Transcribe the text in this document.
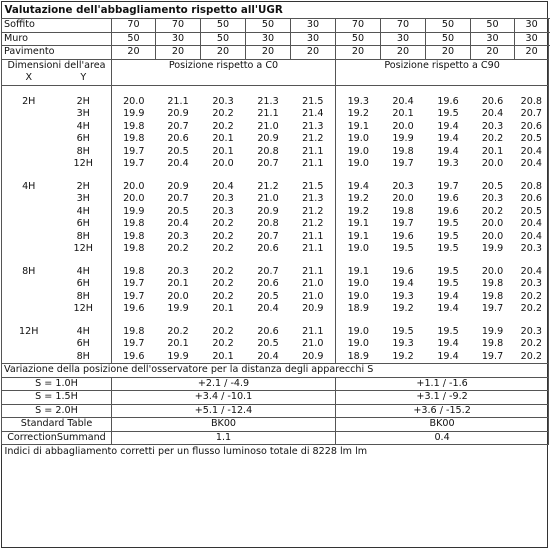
Valutazione dell'abbagliamento rispetto all'UGR											
Soffito		70	70	50	50	30	70	70	50	50	30
Muro		50	30	50	30	30	50	30	50	30	30
Pavimento		20	20	20	20	20	20	20	20	20	20
Dimensioni dell'area		Posizione rispetto a C0					Posizione rispetto a C90				
X	Y										

2H	2H	20.0	21.1	20.3	21.3	21.5	19.3	20.4	19.6	20.6	20.8
	3H	19.9	20.9	20.2	21.1	21.4	19.2	20.1	19.5	20.4	20.7
	4H	19.8	20.7	20.2	21.0	21.3	19.1	20.0	19.4	20.3	20.6
	6H	19.8	20.6	20.1	20.9	21.2	19.0	19.9	19.4	20.2	20.5
	8H	19.7	20.5	20.1	20.8	21.1	19.0	19.8	19.4	20.1	20.4
	12H	19.7	20.4	20.0	20.7	21.1	19.0	19.7	19.3	20.0	20.4

4H	2H	20.0	20.9	20.4	21.2	21.5	19.4	20.3	19.7	20.5	20.8
	3H	20.0	20.7	20.3	21.0	21.3	19.2	20.0	19.6	20.3	20.6
	4H	19.9	20.5	20.3	20.9	21.2	19.2	19.8	19.6	20.2	20.5
	6H	19.8	20.4	20.2	20.8	21.2	19.1	19.7	19.5	20.0	20.4
	8H	19.8	20.3	20.2	20.7	21.1	19.1	19.6	19.5	20.0	20.4
	12H	19.8	20.2	20.2	20.6	21.1	19.0	19.5	19.5	19.9	20.3

8H	4H	19.8	20.3	20.2	20.7	21.1	19.1	19.6	19.5	20.0	20.4
	6H	19.7	20.1	20.2	20.6	21.0	19.0	19.4	19.5	19.8	20.3
	8H	19.7	20.0	20.2	20.5	21.0	19.0	19.3	19.4	19.8	20.2
	12H	19.6	19.9	20.1	20.4	20.9	18.9	19.2	19.4	19.7	20.2

12H	4H	19.8	20.2	20.2	20.6	21.1	19.0	19.5	19.5	19.9	20.3
	6H	19.7	20.1	20.2	20.5	21.0	19.0	19.3	19.4	19.8	20.2
	8H	19.6	19.9	20.1	20.4	20.9	18.9	19.2	19.4	19.7	20.2
Variazione della posizione dell'osservatore per la distanza degli apparecchi S											
S = 1.0H		+2.1 / -4.9					+1.1 / -1.6				
S = 1.5H		+3.4 / -10.1					+3.1 / -9.2				
S = 2.0H		+5.1 / -12.4					+3.6 / -15.2				
Standard Table		BK00					BK00				
CorrectionSummand		1.1					0.4				
Indici di abbagliamento corretti per un flusso luminoso totale di 8228 lm lm											
